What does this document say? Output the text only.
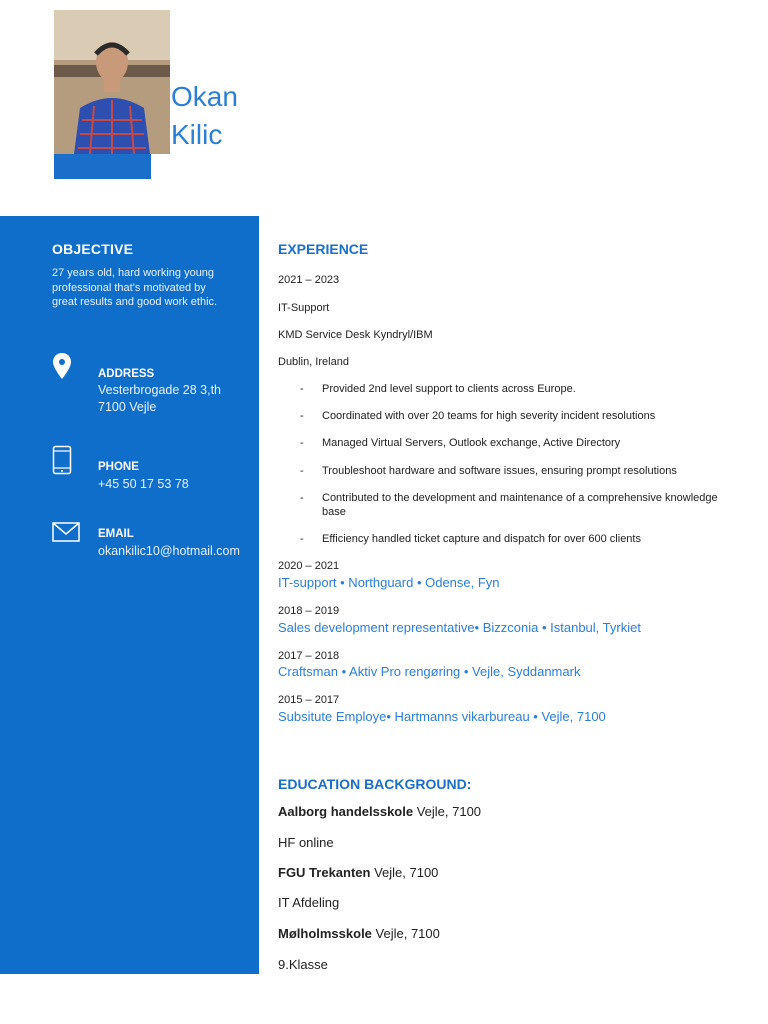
Okan
Kilic
OBJECTIVE
27 years old, hard working young professional that's motivated by great results and good work ethic.
ADDRESS
Vesterbrogade 28 3,th
7100 Vejle
PHONE
+45 50 17 53 78
EMAIL
okankilic10@hotmail.com
EXPERIENCE
2021 – 2023
IT-Support
KMD Service Desk Kyndryl/IBM
Dublin, Ireland
- Provided 2nd level support to clients across Europe.
- Coordinated with over 20 teams for high severity incident resolutions
- Managed Virtual Servers, Outlook exchange, Active Directory
- Troubleshoot hardware and software issues, ensuring prompt resolutions
- Contributed to the development and maintenance of a comprehensive knowledge base
- Efficiency handled ticket capture and dispatch for over 600 clients
2020 – 2021
IT-support • Northguard • Odense, Fyn
2018 – 2019
Sales development representative• Bizzconia • Istanbul, Tyrkiet
2017 – 2018
Craftsman • Aktiv Pro rengøring • Vejle, Syddanmark
2015 – 2017
Subsitute Employe• Hartmanns vikarbureau • Vejle, 7100
EDUCATION BACKGROUND:
Aalborg handelsskole Vejle, 7100
HF online
FGU Trekanten Vejle, 7100
IT Afdeling
Mølholmsskole Vejle, 7100
9.Klasse
